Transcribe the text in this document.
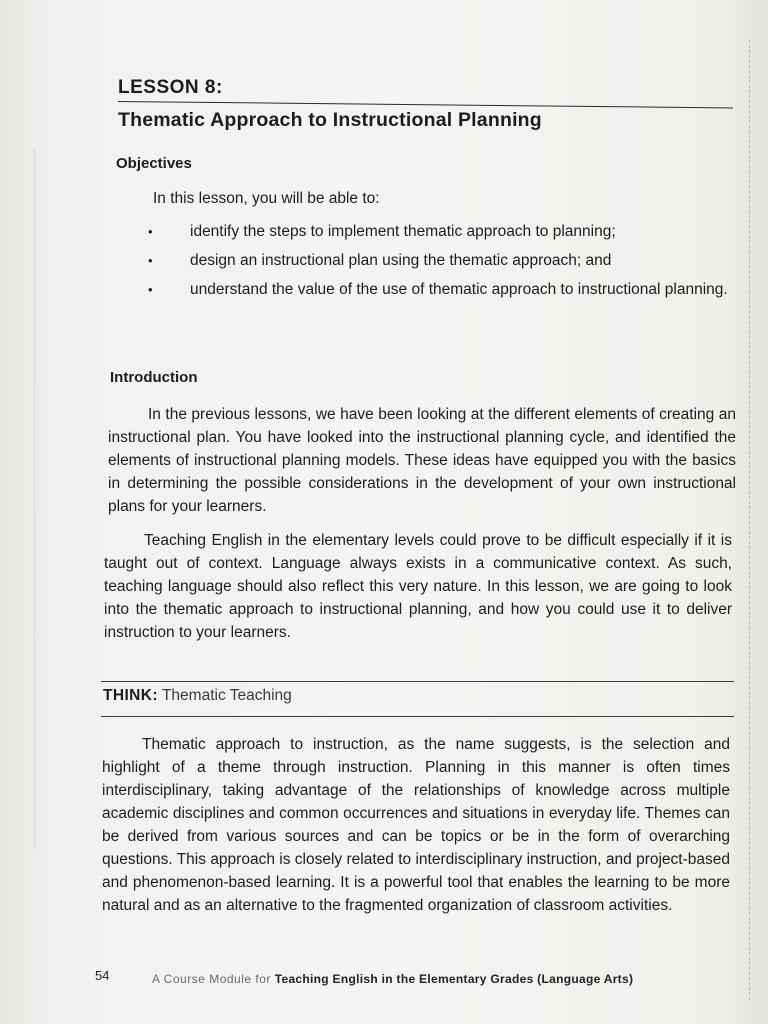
LESSON 8:
Thematic Approach to Instructional Planning
Objectives
In this lesson, you will be able to:
• identify the steps to implement thematic approach to planning;
• design an instructional plan using the thematic approach; and
• understand the value of the use of thematic approach to instructional planning.
Introduction

In the previous lessons, we have been looking at the different elements of creating an instructional plan. You have looked into the instructional planning cycle, and identified the elements of instructional planning models. These ideas have equipped you with the basics in determining the possible considerations in the development of your own instructional plans for your learners.

Teaching English in the elementary levels could prove to be difficult especially if it is taught out of context. Language always exists in a communicative context. As such, teaching language should also reflect this very nature. In this lesson, we are going to look into the thematic approach to instructional planning, and how you could use it to deliver instruction to your learners.

THINK: Thematic Teaching

Thematic approach to instruction, as the name suggests, is the selection and highlight of a theme through instruction. Planning in this manner is often times interdisciplinary, taking advantage of the relationships of knowledge across multiple academic disciplines and common occurrences and situations in everyday life. Themes can be derived from various sources and can be topics or be in the form of overarching questions. This approach is closely related to interdisciplinary instruction, and project-based and phenomenon-based learning. It is a powerful tool that enables the learning to be more natural and as an alternative to the fragmented organization of classroom activities.

54	A Course Module for Teaching English in the Elementary Grades (Language Arts)
